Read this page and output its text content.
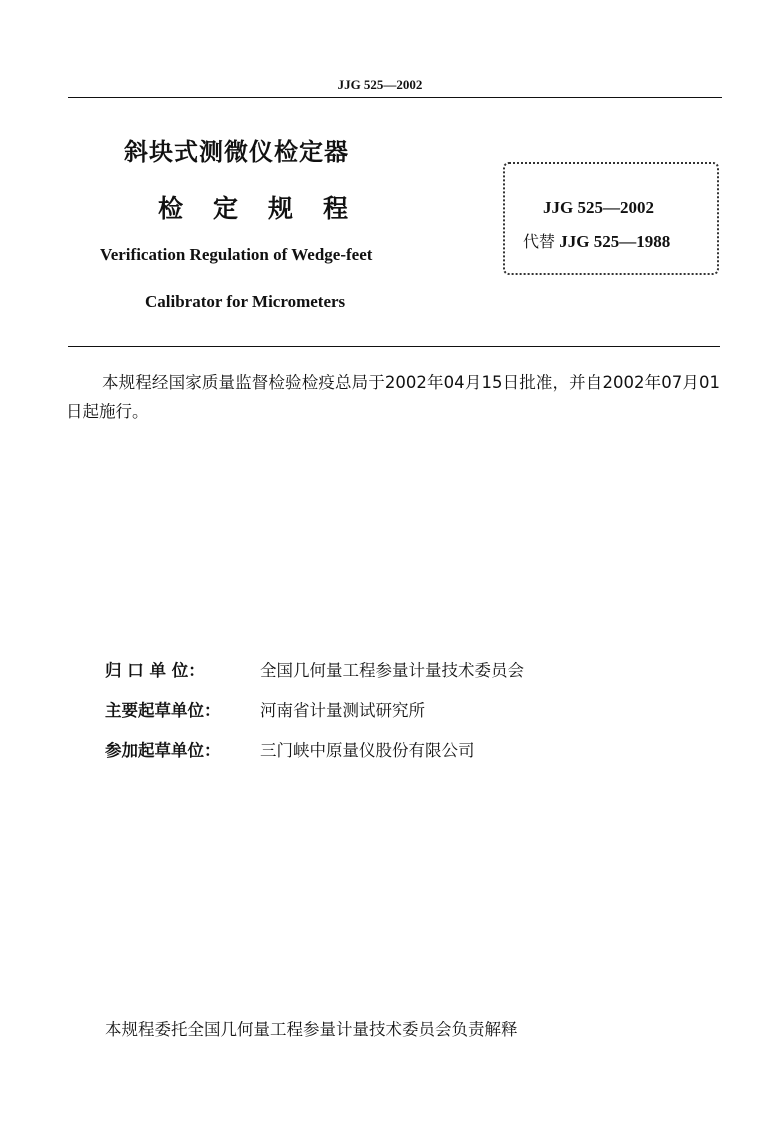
JJG 525—2002
斜块式测微仪检定器
检定规程
Verification Regulation of Wedge-feet
Calibrator for Micrometers
JJG 525—2002
代替 JJG 525—1988
本规程经国家质量监督检验检疫总局于2002年04月15日批准，并自2002年07月01日起施行。
归 口 单 位：	全国几何量工程参量计量技术委员会
主要起草单位： 河南省计量测试研究所
参加起草单位： 三门峡中原量仪股份有限公司
本规程委托全国几何量工程参量计量技术委员会负责解释
